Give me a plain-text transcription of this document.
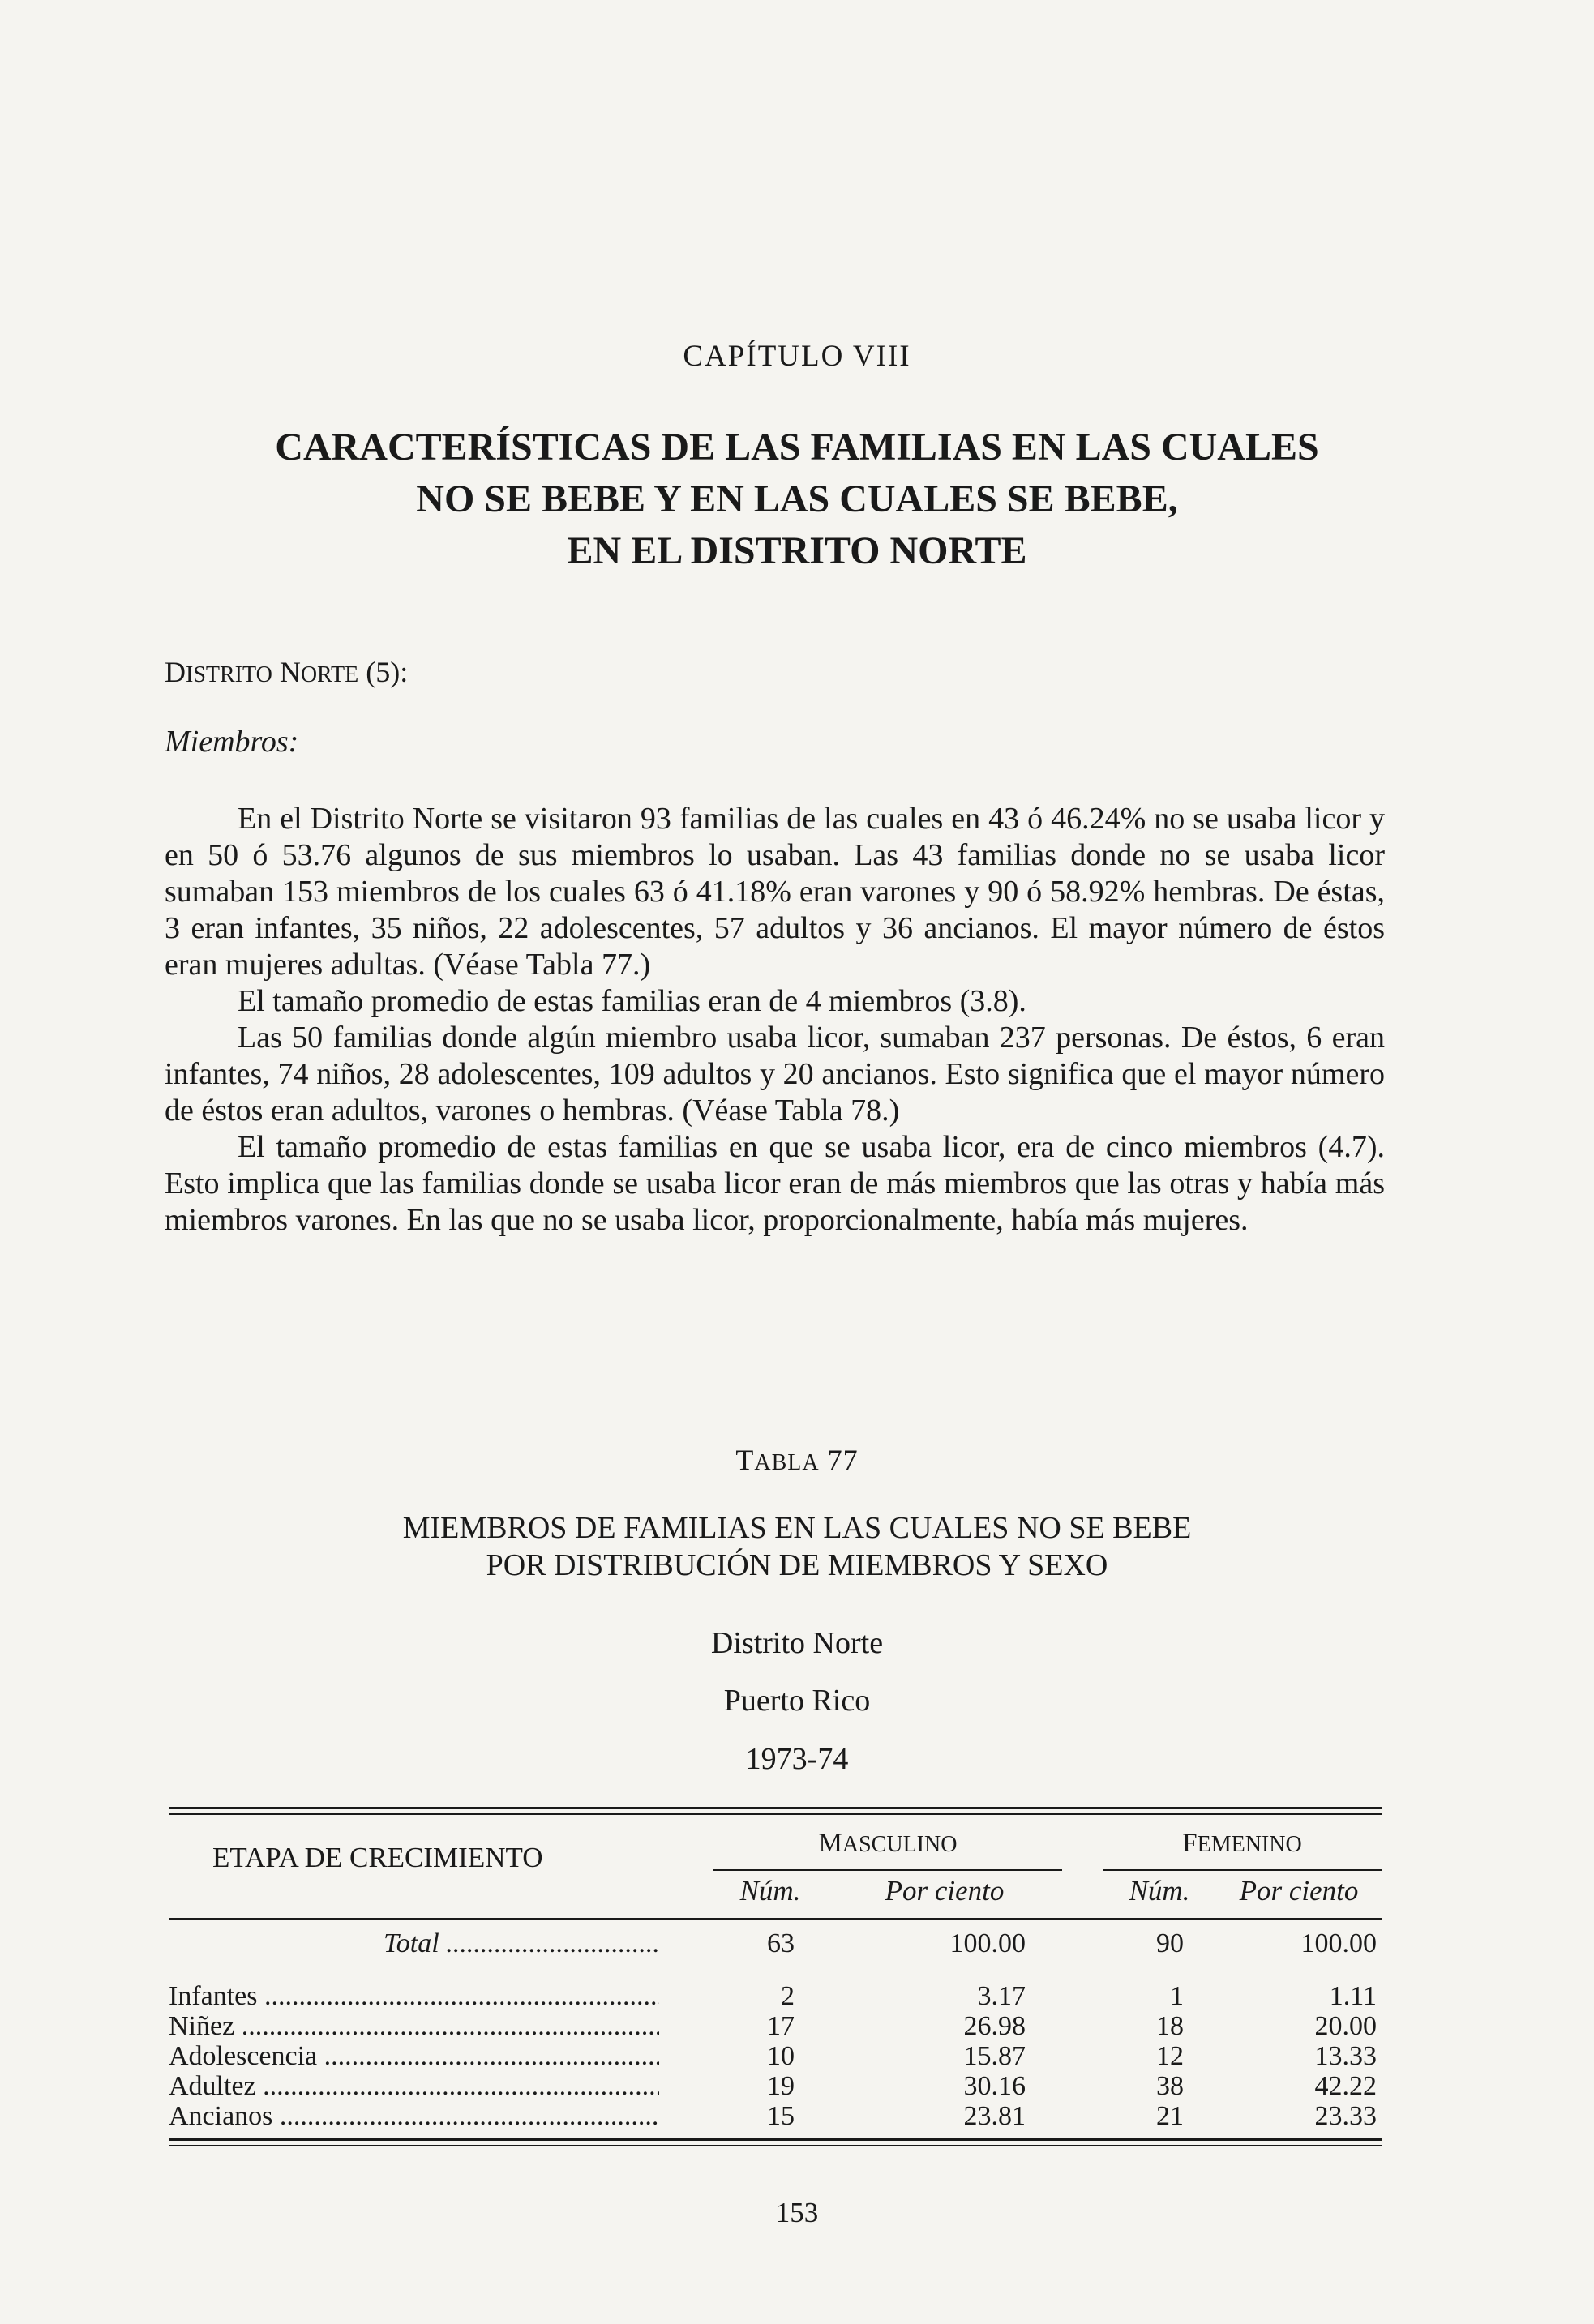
CAPÍTULO VIII
CARACTERÍSTICAS DE LAS FAMILIAS EN LAS CUALES
NO SE BEBE Y EN LAS CUALES SE BEBE,
EN EL DISTRITO NORTE
DISTRITO NORTE (5):
Miembros:

En el Distrito Norte se visitaron 93 familias de las cuales en 43 ó 46.24% no se usaba licor y en 50 ó 53.76 algunos de sus miembros lo usaban. Las 43 familias donde no se usaba licor sumaban 153 miembros de los cuales 63 ó 41.18% eran varones y 90 ó 58.92% hembras. De éstas, 3 eran infantes, 35 niños, 22 adolescentes, 57 adultos y 36 ancianos. El mayor número de éstos eran mujeres adultas. (Véase Tabla 77.)

El tamaño promedio de estas familias eran de 4 miembros (3.8).

Las 50 familias donde algún miembro usaba licor, sumaban 237 personas. De éstos, 6 eran infantes, 74 niños, 28 adolescentes, 109 adultos y 20 ancianos. Esto significa que el mayor número de éstos eran adultos, varones o hembras. (Véase Tabla 78.)

El tamaño promedio de estas familias en que se usaba licor, era de cinco miembros (4.7). Esto implica que las familias donde se usaba licor eran de más miembros que las otras y había más miembros varones. En las que no se usaba licor, proporcionalmente, había más mujeres.

TABLA 77
MIEMBROS DE FAMILIAS EN LAS CUALES NO SE BEBE
POR DISTRIBUCIÓN DE MIEMBROS Y SEXO
Distrito Norte
Puerto Rico
1973-74
ETAPA DE CRECIMIENTO	MASCULINO	FEMENINO
Núm.	Por ciento	Núm.	Por ciento
Total .....	63	100.00	90	100.00
Infantes .....	2	3.17	1	1.11
Niñez .....	17	26.98	18	20.00
Adolescencia .....	10	15.87	12	13.33
Adultez .....	19	30.16	38	42.22
Ancianos .....	15	23.81	21	23.33
153
